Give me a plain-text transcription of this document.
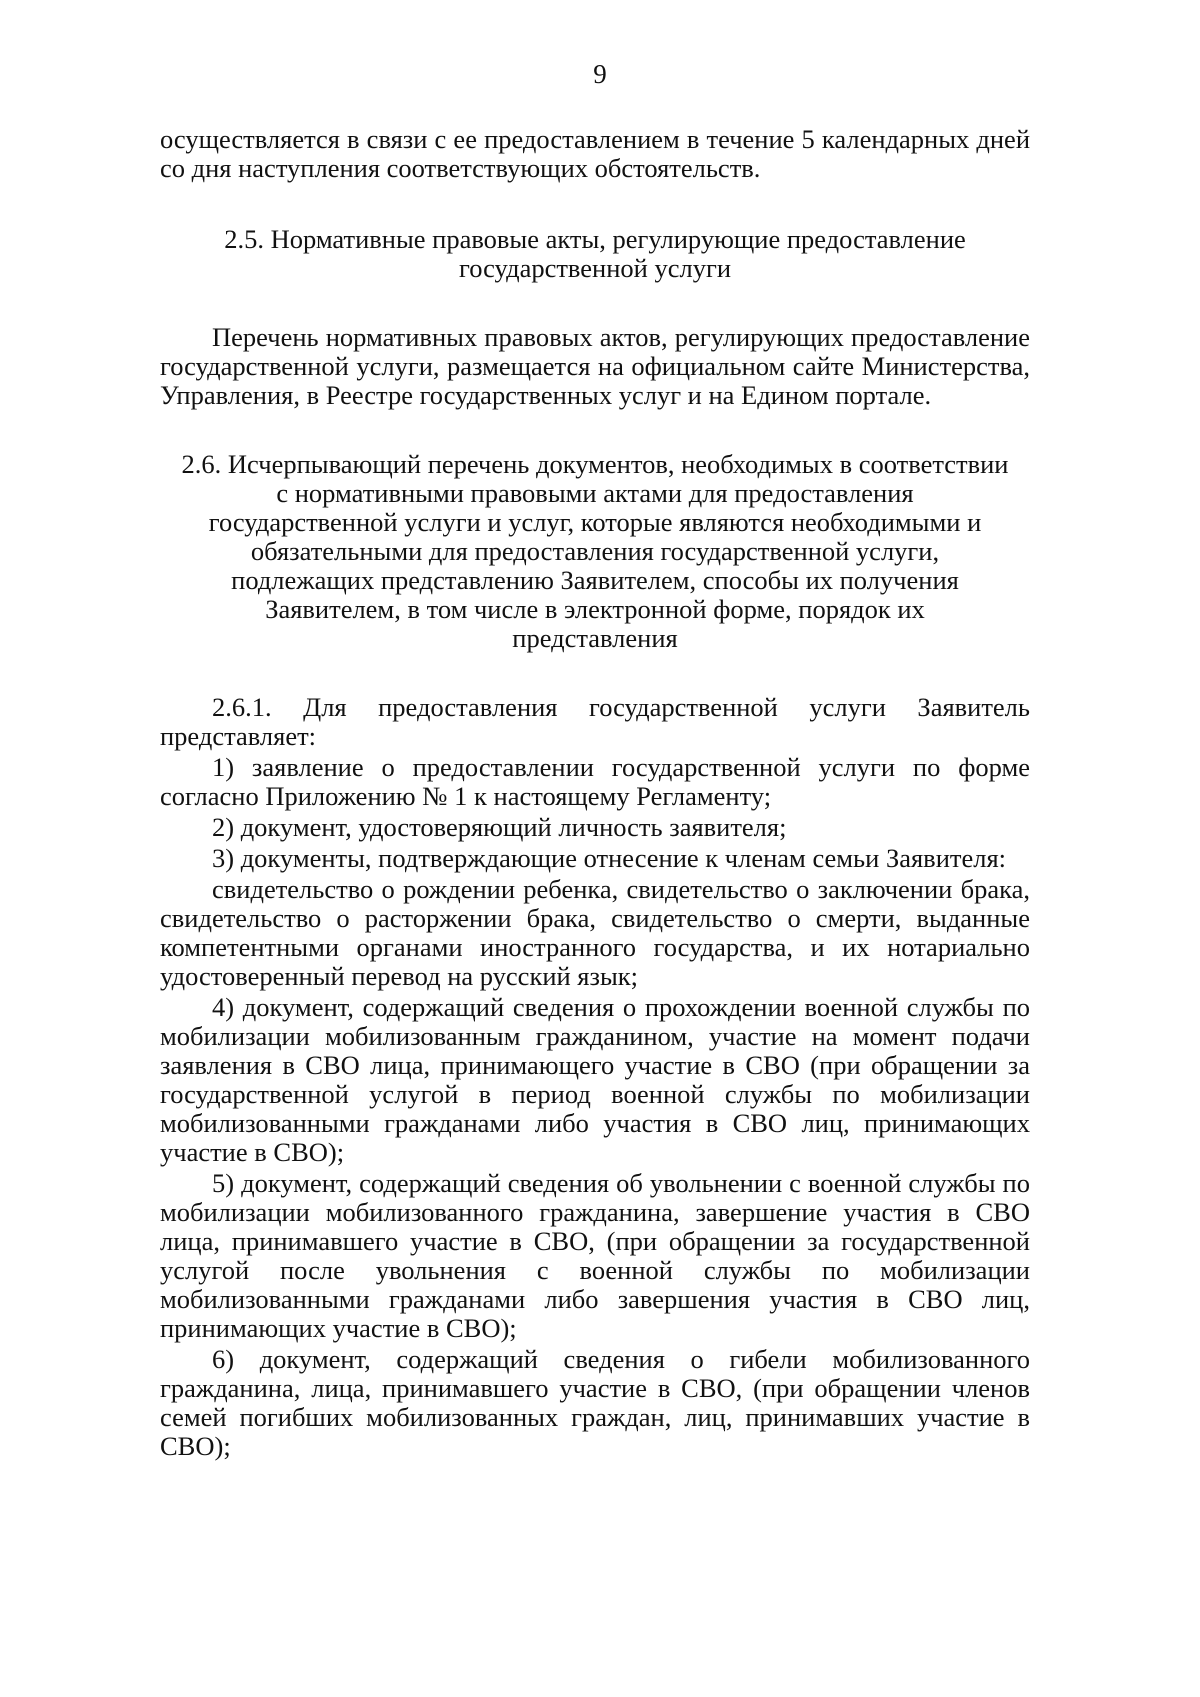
9

осуществляется в связи с ее предоставлением в течение 5 календарных дней со дня наступления соответствующих обстоятельств.

2.5. Нормативные правовые акты, регулирующие предоставление государственной услуги

Перечень нормативных правовых актов, регулирующих предоставление государственной услуги, размещается на официальном сайте Министерства, Управления, в Реестре государственных услуг и на Едином портале.

2.6. Исчерпывающий перечень документов, необходимых в соответствии с нормативными правовыми актами для предоставления государственной услуги и услуг, которые являются необходимыми и обязательными для предоставления государственной услуги, подлежащих представлению Заявителем, способы их получения Заявителем, в том числе в электронной форме, порядок их представления

2.6.1. Для предоставления государственной услуги Заявитель

представляет:

1) заявление о предоставлении государственной услуги по форме согласно Приложению № 1 к настоящему Регламенту;

2) документ, удостоверяющий личность заявителя;

3) документы, подтверждающие отнесение к членам семьи Заявителя:

свидетельство о рождении ребенка, свидетельство о заключении брака, свидетельство о расторжении брака, свидетельство о смерти, выданные компетентными органами иностранного государства, и их нотариально удостоверенный перевод на русский язык;

4) документ, содержащий сведения о прохождении военной службы по мобилизации мобилизованным гражданином, участие на момент подачи заявления в СВО лица, принимающего участие в СВО (при обращении за государственной услугой в период военной службы по мобилизации мобилизованными гражданами либо участия в СВО лиц, принимающих участие в СВО);

5) документ, содержащий сведения об увольнении с военной службы по мобилизации мобилизованного гражданина, завершение участия в СВО лица, принимавшего участие в СВО, (при обращении за государственной услугой после увольнения с военной службы по мобилизации мобилизованными гражданами либо завершения участия в СВО лиц, принимающих участие в СВО);

6) документ, содержащий сведения о гибели мобилизованного гражданина, лица, принимавшего участие в СВО, (при обращении членов семей погибших мобилизованных граждан, лиц, принимавших участие в СВО);
